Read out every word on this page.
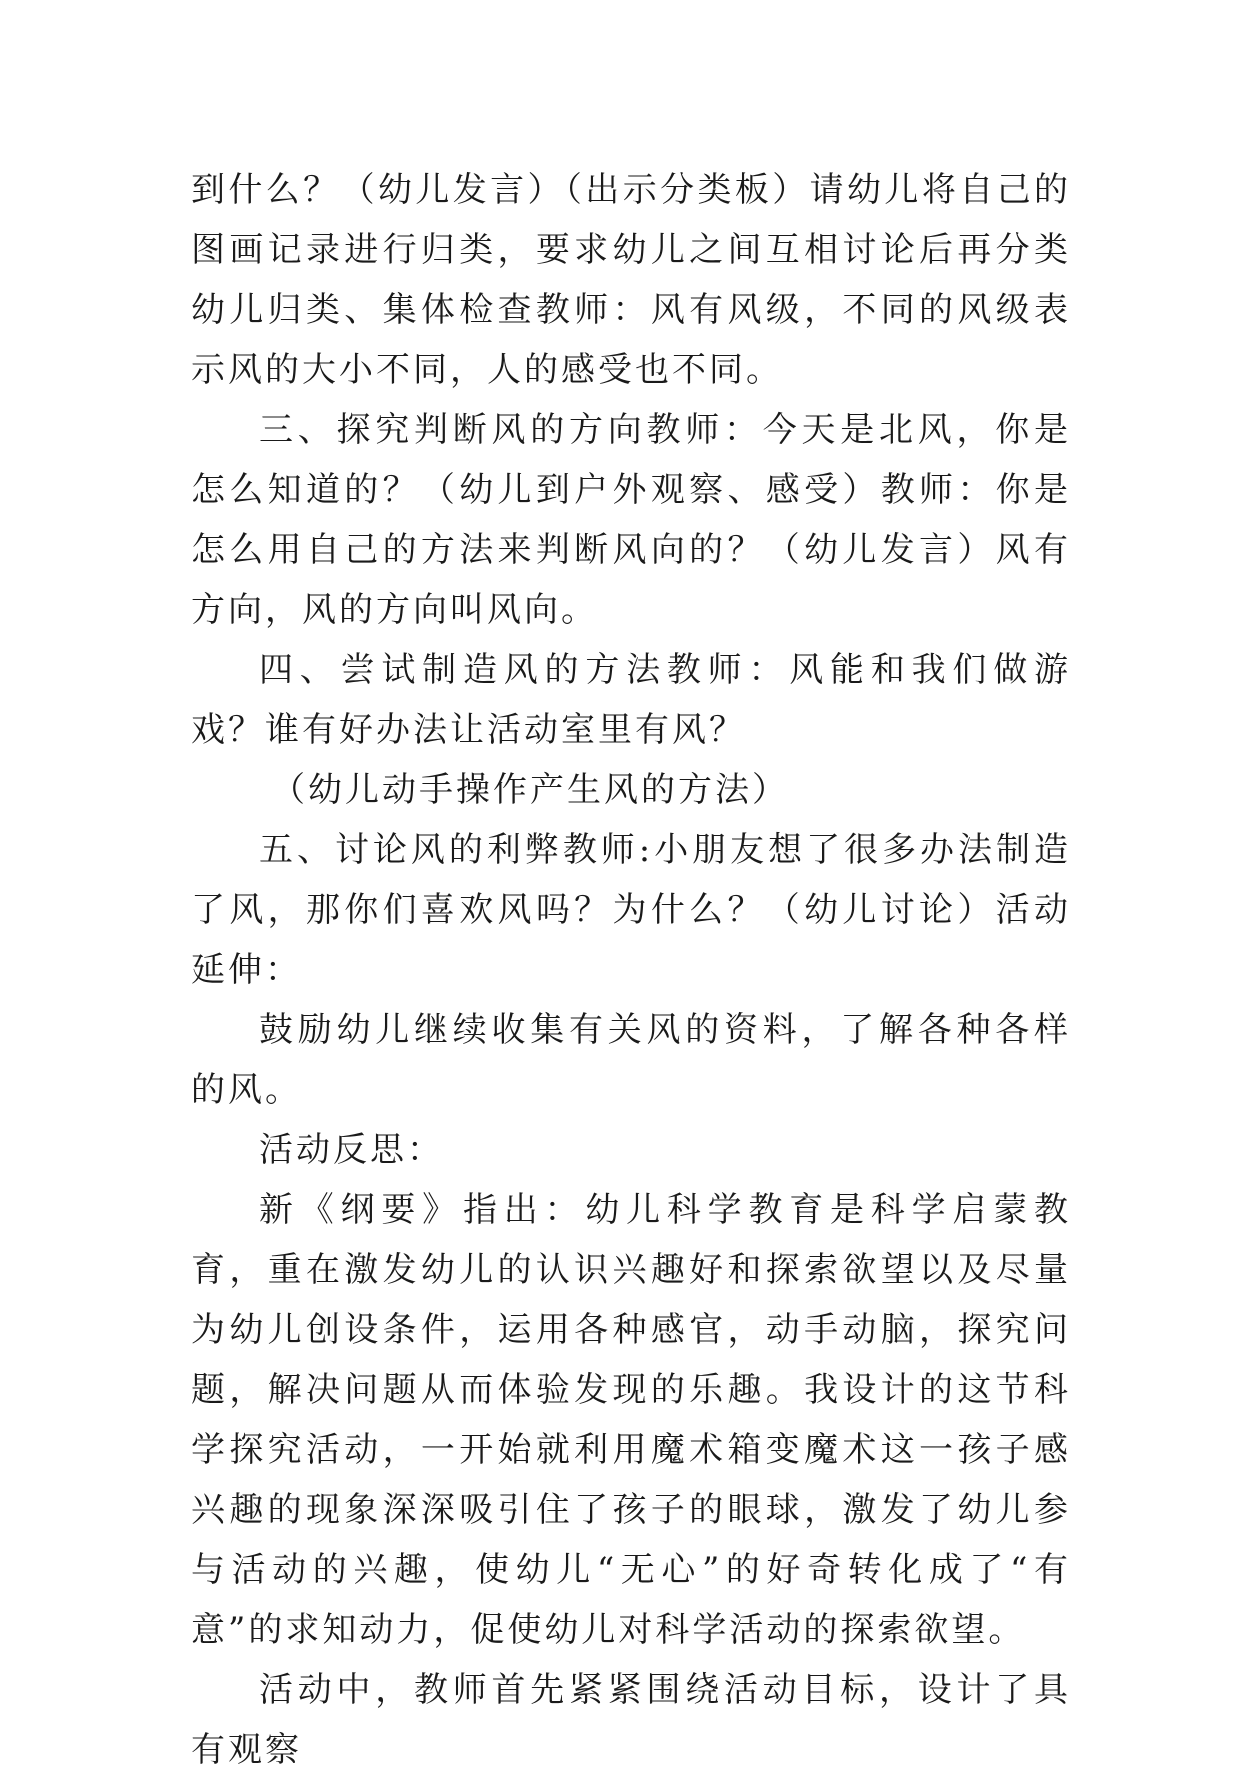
到什么？（幼儿发言）（出示分类板）请幼儿将自己的图画记录进行归类，要求幼儿之间互相讨论后再分类幼儿归类、集体检查教师：风有风级，不同的风级表示风的大小不同，人的感受也不同。

三、探究判断风的方向教师：今天是北风，你是怎么知道的？（幼儿到户外观察、感受）教师：你是怎么用自己的方法来判断风向的？（幼儿发言）风有方向，风的方向叫风向。

四、尝试制造风的方法教师：风能和我们做游戏？谁有好办法让活动室里有风？

（幼儿动手操作产生风的方法）

五、讨论风的利弊教师:小朋友想了很多办法制造了风，那你们喜欢风吗？为什么？（幼儿讨论）活动延伸：

鼓励幼儿继续收集有关风的资料，了解各种各样的风。

活动反思：

新《纲要》指出：幼儿科学教育是科学启蒙教育，重在激发幼儿的认识兴趣好和探索欲望以及尽量为幼儿创设条件，运用各种感官，动手动脑，探究问题，解决问题从而体验发现的乐趣。我设计的这节科学探究活动，一开始就利用魔术箱变魔术这一孩子感兴趣的现象深深吸引住了孩子的眼球，激发了幼儿参与活动的兴趣，使幼儿“无心”的好奇转化成了“有意”的求知动力，促使幼儿对科学活动的探索欲望。

活动中，教师首先紧紧围绕活动目标，设计了具有观察
